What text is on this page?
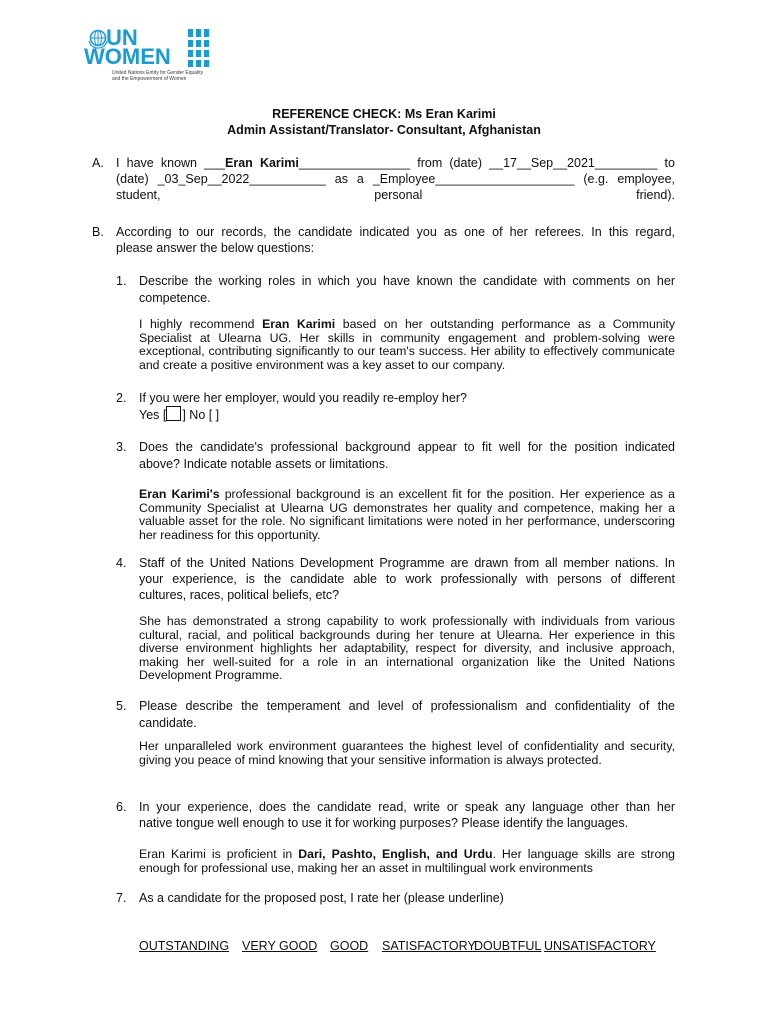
UN
WOMEN
United Nations Entity for Gender Equality
and the Empowerment of Women
REFERENCE CHECK: Ms Eran Karimi
Admin Assistant/Translator- Consultant, Afghanistan
A. I have known ___Eran Karimi________________ from (date) __17__Sep__2021_________ to
(date) _03_Sep__2022___________ as a _Employee____________________ (e.g. employee,
student, personal friend).
B. According to our records, the candidate indicated you as one of her referees. In this regard,
please answer the below questions:
1. Describe the working roles in which you have known the candidate with comments on her
competence.
I highly recommend Eran Karimi based on her outstanding performance as a Community Specialist at Ulearna UG. Her skills in community engagement and problem-solving were exceptional, contributing significantly to our team's success. Her ability to effectively communicate and create a positive environment was a key asset to our company.
2. If you were her employer, would you readily re-employ her?
Yes [ ] No [ ]
3. Does the candidate's professional background appear to fit well for the position indicated
above? Indicate notable assets or limitations.
Eran Karimi's professional background is an excellent fit for the position. Her experience as a Community Specialist at Ulearna UG demonstrates her quality and competence, making her a valuable asset for the role. No significant limitations were noted in her performance, underscoring her readiness for this opportunity.
4. Staff of the United Nations Development Programme are drawn from all member nations. In
your experience, is the candidate able to work professionally with persons of different
cultures, races, political beliefs, etc?
She has demonstrated a strong capability to work professionally with individuals from various cultural, racial, and political backgrounds during her tenure at Ulearna. Her experience in this diverse environment highlights her adaptability, respect for diversity, and inclusive approach, making her well-suited for a role in an international organization like the United Nations Development Programme.
5. Please describe the temperament and level of professionalism and confidentiality of the
candidate.
Her unparalleled work environment guarantees the highest level of confidentiality and security, giving you peace of mind knowing that your sensitive information is always protected.
6. In your experience, does the candidate read, write or speak any language other than her
native tongue well enough to use it for working purposes? Please identify the languages.
Eran Karimi is proficient in Dari, Pashto, English, and Urdu. Her language skills are strong enough for professional use, making her an asset in multilingual work environments
7. As a candidate for the proposed post, I rate her (please underline)
OUTSTANDING VERY GOOD GOOD SATISFACTORY
DOUBTFUL UNSATISFACTORY
